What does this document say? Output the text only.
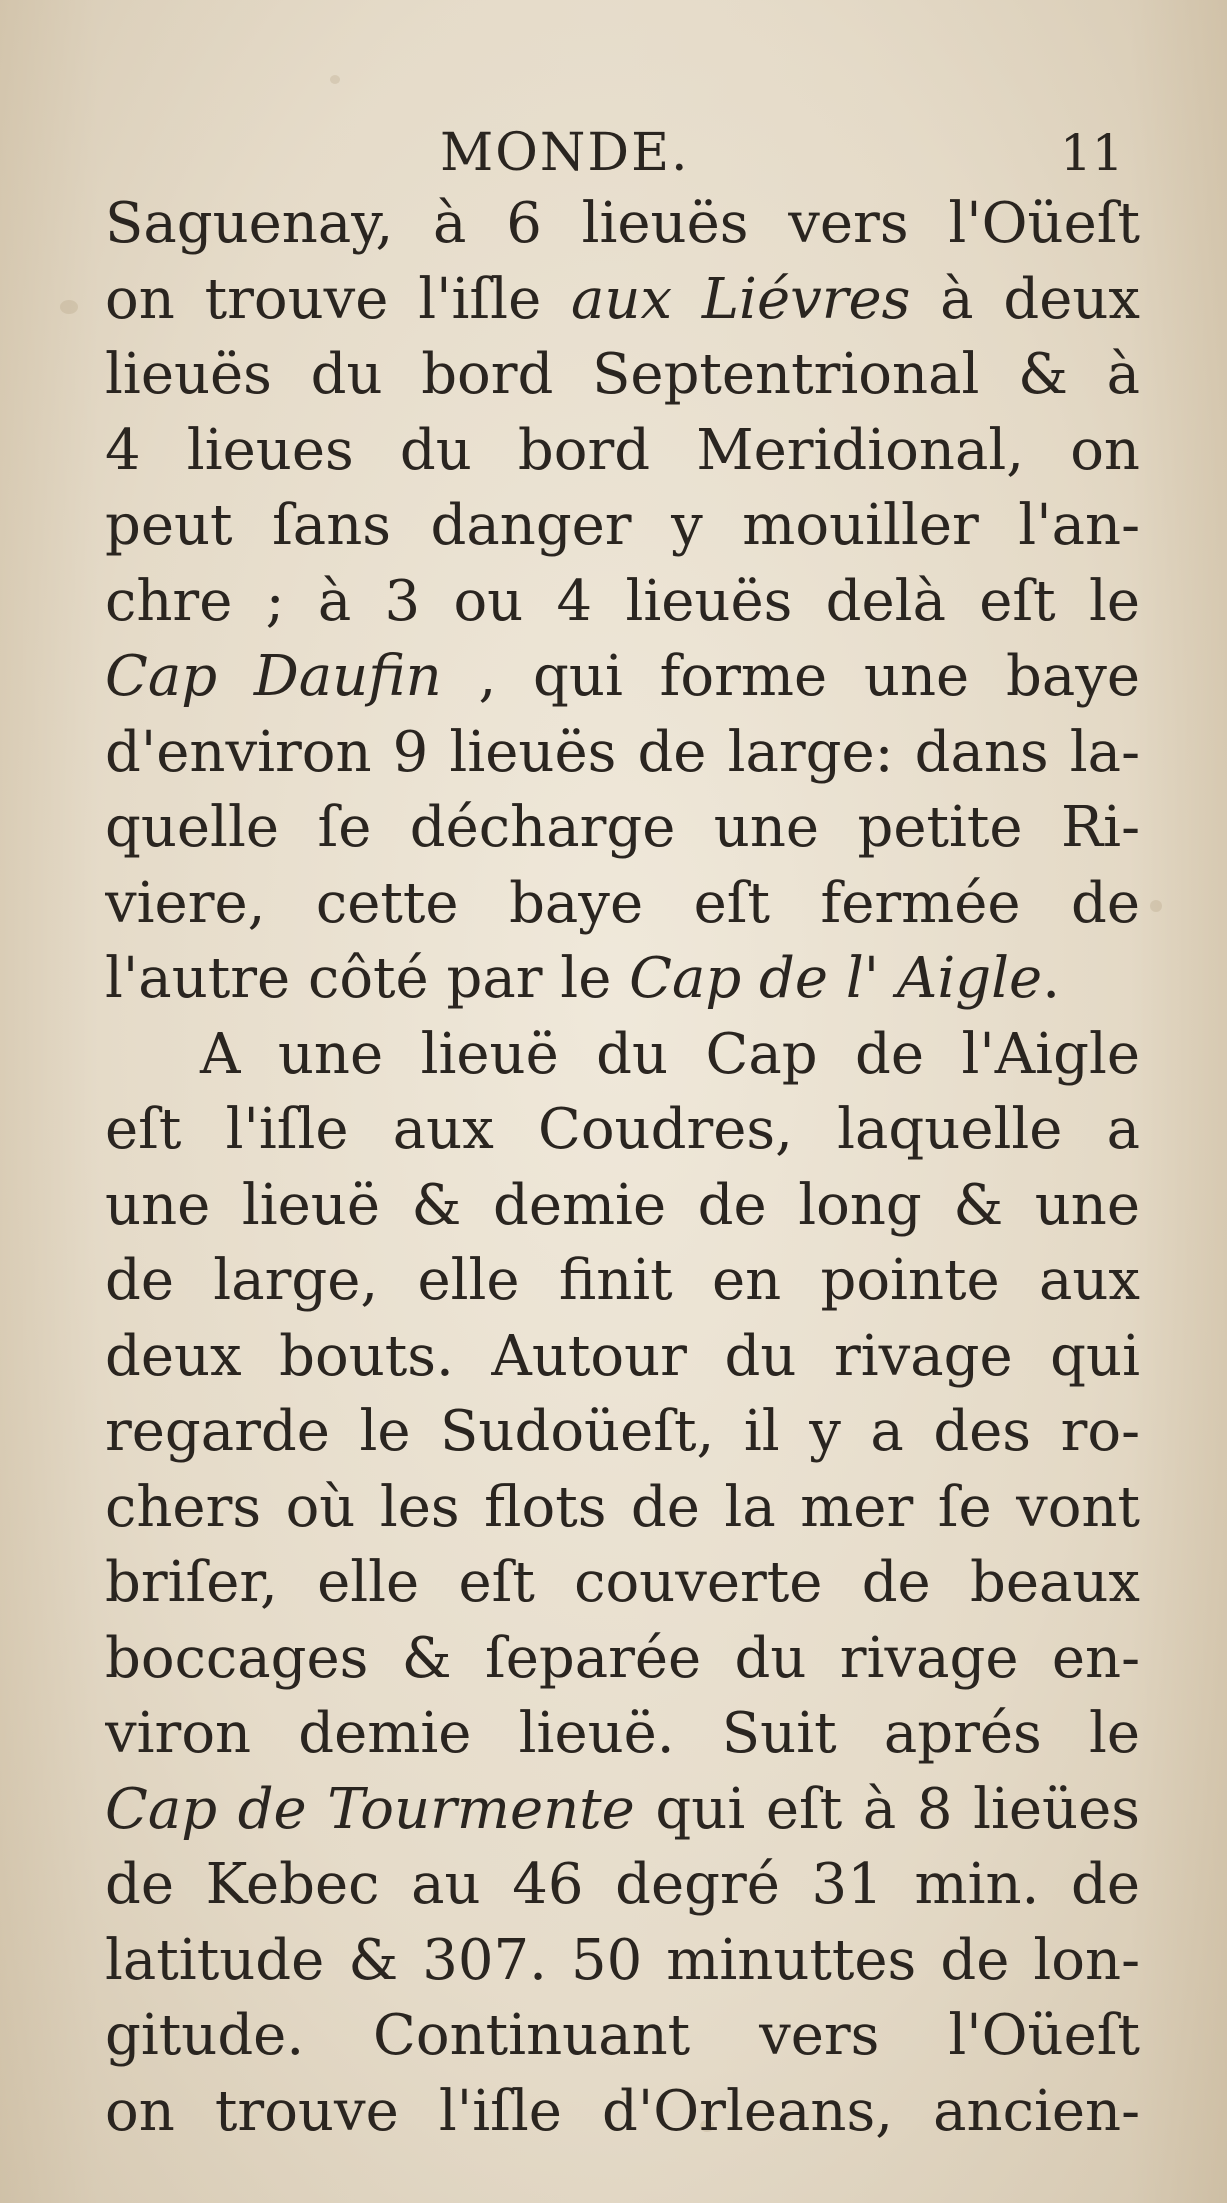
MONDE.	11
Saguenay, à 6 lieuës vers l'Oüeſt
on trouve l'iſle aux Liévres à deux
lieuës du bord Septentrional & à
4 lieues du bord Meridional, on
peut ſans danger y mouiller l'an-
chre ; à 3 ou 4 lieuës delà eſt le
Cap Daufin , qui forme une baye
d'environ 9 lieuës de large: dans la-
quelle ſe décharge une petite Ri-
viere, cette baye eſt fermée de
l'autre côté par le Cap de l' Aigle.
A une lieuë du Cap de l'Aigle
eſt l'iſle aux Coudres, laquelle a
une lieuë & demie de long & une
de large, elle finit en pointe aux
deux bouts. Autour du rivage qui
regarde le Sudoüeſt, il y a des ro-
chers où les flots de la mer ſe vont
briſer, elle eſt couverte de beaux
boccages & ſeparée du rivage en-
viron demie lieuë. Suit aprés le
Cap de Tourmente qui eſt à 8 lieües
de Kebec au 46 degré 31 min. de
latitude & 307. 50 minuttes de lon-
gitude. Continuant vers l'Oüeſt
on trouve l'iſle d'Orleans, ancien-
